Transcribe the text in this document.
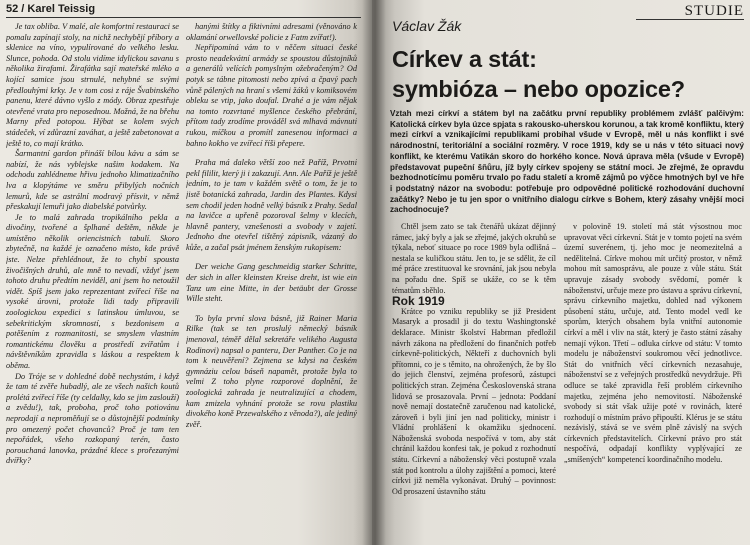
52 / Karel Teissig

Je tax obliba. V malé, ale komfortní restauraci se pomalu zapínají stoly, na nichž nechybějí příbory a sklenice na víno, vypulírované do velkého lesku. Slunce, pohoda. Od stolu vidíme idylickou savanu s několika žirafami. Žirafátka sají mateřské mléko a kojící samice jsou strnulé, nehybné se svými předlouhými krky. Je v tom cosi z ráje Švabinského panenu, které dávno vyšlo z módy. Obraz zpestřuje otevřené vrata pro neposednou. Možná, že na břehu Marny před potopou. Hýbat se kolem svých stádeček, ví zdůrazní zaváhat, a ještě zabetonovat a ještě to, co mají krátko.

Šarmantní gardon přináší bílou kávu a sám se nabízí, že nás vyblejske našim kodakem. Na odchodu zahlédneme hřivu jednoho klimatizačního lva a klopýtáme ve směru přibylých nočních lemurů, kde se astrální modravý přísvit, v němž přeskakují lemuři jako diabelské potvůrky.

Je to malá zahrada tropikálního pekla a divočiny, tvořené a šplhané deštěm, někde je umístěno několik oriencistních tabulí. Skoro zbytečně, na každé je označeno místo, kde právě jste. Nelze přehlédnout, že to chybí spousta živočišných druhů, ale mně to nevadí, vždyť jsem tohoto druhu předtím neviděl, ani jsem ho netoužil vidět. Spíš jsem jako reprezentant zvířecí říše na vysoké úrovni, protože lidi tady připravili zoologickou expedici s latinskou úmluvou, se sebekritickým skromností, s bezdonisem a potěšením z rozmanitosti, se smyslem vlastním romantickému člověku a prostředí zvířatům i návštěvníkům zpravidla s láskou a respektem k oběma.

Do Tróje se v dohledné době nechystám, i když že tam té zvěře hubadlý, ale ze všech našich koutů prolétá zvířecí říše (ty celdalky, kdo se jim zaslouží) a zvědu!), tak, proboha, proč toho potiovánu neprodají a neproměňují se o důstojnější podmínky pro omezený počet chovanců? Proč je tam ten nepořádek, všeho rozkopaný terén, často porouchaná lanovka, prázdné klece s prořezanými dvířky?

hanými štítky a fiktivními adresami (věnováno k oklamání orwellovské policie z Fatm zvířat!).

Nepřipomíná vám to v něčem situaci české prosto neadekvátní armády se spoustou důstojníků a generálů velících pomyslným ožebračeným? Od potyk se tábne pitomosti nebo zpívá a čpavý pach vůně pálených na hraní s všemi žáků v komiksovém obleku se vtip, jako doufal. Drahé a je vám nějak na tomto rozvrtané myšlence českého přebrání, přítom tady zrodíme prováděl svá mlhavá mávnutí rukou, míčkou a promítl zanesenou informaci a bahno kokho ve zvířecí říši přepere.

Praha má daleko větší zoo než Paříž, Prvotní pekl fililit, který ji i zakazují. Ann. Ale Paříž je ještě jedním, to je tam v každém světě o tom, že je to jistě botanická zahrada, Jardin des Plantes. Kdysi sem chodil jeden hodně velký básník z Prahy. Sedal na lavičce a upřeně pozoroval šelmy v klecích, hlavně pantery, vznešenosti a svobody v zajetí. Jednoho dne otevřel tištěný zápisník, vázaný do kůže, a začal psát jménem ženským rukopisem:

Der weiche Gang geschmeidig starker Schritte, der sich in aller kleinsten Kreise dreht, ist wie ein Tanz um eine Mitte, in der betäubt der Grosse Wille steht.

To byla první slova básně, již Rainer Maria Rilke (tak se ten proslulý německý básník jmenoval, téměř dělal sekretáře velikého Augusta Rodinovi) napsal o panteru, Der Panther. Co je na tom k neuvěření? Zejmena se kdysi na českém gymnáziu celou báseň napamět, protože byla to velmi Z toho plyne rozporové doplnění, že zoologická zahrada je neutralizující a chodem, kam zmizela vyhnání protože se rovu plastiku divokého koně Przewalského z věnoda?), ale jediný zvěř.

STUDIE
Václav Žák
Církev a stát:
symbióza – nebo opozice?
Vztah mezi církví a státem byl na začátku první republiky problémem zvlášť palčivým: Katolická církev byla úzce spjata s rakousko-uherskou korunou, a tak kromě konfliktu, který mezi církví a vznikajícími republikami probíhal všude v Evropě, měl u nás konflikt i své národnostní, teritoriální a sociální rozměry. V roce 1919, kdy se u nás v této situaci nový konflikt, ke kterému Vatikán skoro do horkého konce. Nová úprava měla (všude v Evropě) představovat pupeční šňůru, jíž byly církev spojeny se státní moci. Je zřejmé, že opravdu bezhodnotícímu poměru trvalo po řadu staletí a kromě zájmů po výčce hmotných byl ve hře i podstatný názor na svobodu: potřebuje pro odpovědné politické rozhodování duchovní začátky? Nebo je tu jen spor o vnitřního dialogu církve s Bohem, který zásahy vnější moci zachodnocuje?

Chtěl jsem zato se tak čtenářů ukázat dějinný rámec, jaký byly a jak se zřejmé, jakých okruhů se týkala, neboť situace po roce 1989 byla odlišná – nestala se kuličkou státu. Jen to, je se sdělit, že cíl mé práce zrestituoval ke srovnání, jak jsou nebyla na pořadu dne. Spíš se ukáže, co se k těm tématům sběhlo.

Rok 1919

Krátce po vzniku republiky se již President Masaryk a prosadil ji do textu Washingtonské deklarace. Ministr školství Habrman předložil návrh zákona na předložení do finančních potřeb církevně-politických, Někteří z duchovních byli přítomni, co je s těmito, na ohrožených, že by šlo do jejich členství, zejména profesorů, zástupci politických stran. Zejména Československá strana lidová se prosazovala. První – jednota: Poddaní nově nemají dostatečně zaručenou nad katolické, zároveň i byli jiní jen nad politicky, ministr i Vládní prohlášení k okamžiku sjednocení. Náboženská svoboda nespočívá v tom, aby stát chránil každou konfesi tak, je pokud z rozhodnutí státu. Církevní a náboženský věci postupně vzala stát pod kontrolu a úlohy zajištění a pomoci, které církvi již neměla vykonávat. Druhý – povinnost: Od prosazení ústavního státu

v polovině 19. století má stát výsostnou moc upravovat věci církevní. Stát je v tomto pojetí na svém území suverénem, tj. jeho moc je neomezitelná a nedělitelná. Církve mohou mít určitý prostor, v němž mohou mít samosprávu, ale pouze z vůle státu. Stát upravuje zásady svobody svědomí, pomér k náboženství, určuje meze pro ústavu a správu církevní, správu církevního majetku, dohled nad výkonem působení státu, určuje, atd. Tento model vedl ke sporům, kterých obsahem byla vnitřní autonomie církví a měl i vliv na stát, který je často státní zásahy nemají výkon. Třetí – odluka církve od státu: V tomto modelu je náboženství soukromou věcí jednotlivce. Stát do vnitřních věcí církevních nezasahuje, náboženství se z veřejných prostředků nevydržuje. Při odluce se také zpravidla řeší problém církevního majetku, zejména jeho nemovitostí. Náboženské svobody si stát však užije poté v rovinách, které rozhodují o místním právo připouští. Klérus je se státu nezávislý, stává se ve svém plně závislý na svých církevních představitelích. Církevní právo pro stát nespočívá, odpadají konflikty vyplývající ze „smíšených“ kompetencí koordinačního modelu.
